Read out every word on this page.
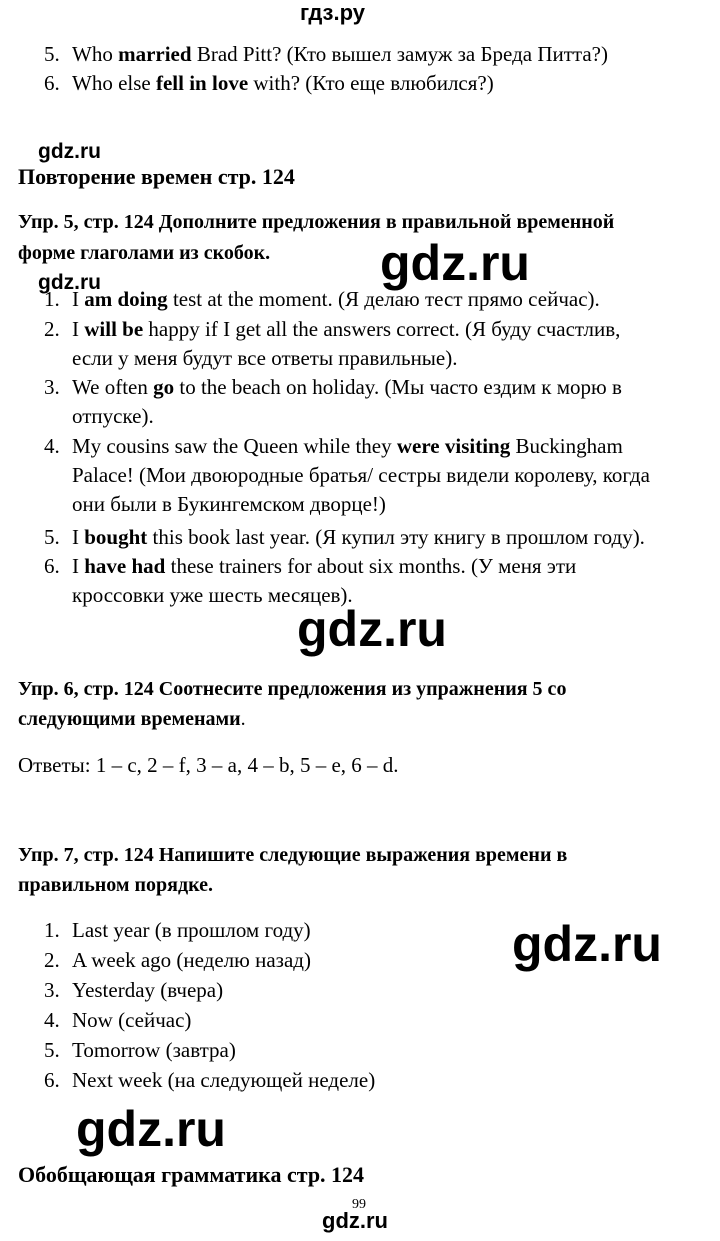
гдз.ру
5. Who married Brad Pitt? (Кто вышел замуж за Бреда Питта?)
6. Who else fell in love with? (Кто еще влюбился?)
gdz.ru
Повторение времен стр. 124
Упр. 5, стр. 124 Дополните предложения в правильной временной
форме глаголами из скобок. gdz.ru
gdz.ru
1. I am doing test at the moment. (Я делаю тест прямо сейчас).
2. I will be happy if I get all the answers correct. (Я буду счастлив,
если у меня будут все ответы правильные).
3. We often go to the beach on holiday. (Мы часто ездим к морю в
отпуске).
4. My cousins saw the Queen while they were visiting Buckingham
Palace! (Мои двоюродные братья/ сестры видели королеву, когда
они были в Букингемском дворце!)
5. I bought this book last year. (Я купил эту книгу в прошлом году).
6. I have had these trainers for about six months. (У меня эти
кроссовки уже шесть месяцев).
gdz.ru
Упр. 6, стр. 124 Соотнесите предложения из упражнения 5 со
следующими временами.
Ответы: 1 – c, 2 – f, 3 – a, 4 – b, 5 – e, 6 – d.
Упр. 7, стр. 124 Напишите следующие выражения времени в
правильном порядке.
1. Last year (в прошлом году)
2. A week ago (неделю назад)
3. Yesterday (вчера)
4. Now (сейчас)
5. Tomorrow (завтра)
6. Next week (на следующей неделе)
gdz.ru
gdz.ru
Обобщающая грамматика стр. 124
99
gdz.ru
